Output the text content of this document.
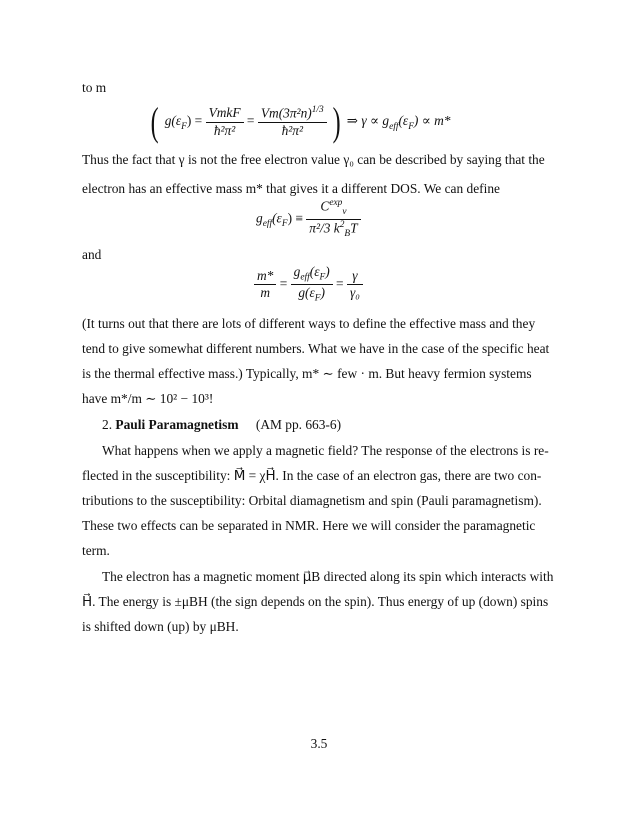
to m
( $g(\varepsilon_F) = \frac{\text{VmkF}}{\text{ħ²π²}} = \frac{Vm(3\pi^2n)^{1/3}}{\text{ħ²π²}}$ ) ⇒ $\gamma \propto g_{eff}(\varepsilon_F) \propto m*$
Thus the fact that γ is not the free electron value γ₀ can be described by saying that the
electron has an effective mass m* that gives it a different DOS. We can define
$g_{eff}(\varepsilon_F) \equiv \frac{C^{exp}_v}{\pi^2/3 k^2_BT}$
and
$\frac{m*}{m} = \frac{g_{eff}(\varepsilon_F)}{g(\varepsilon_F)} = \frac{\gamma}{\text{γ₀}}$
(It turns out that there are lots of different ways to define the effective mass and they
tend to give somewhat different numbers. What we have in the case of the specific heat
is the thermal effective mass.) Typically, m* ∼ few · m. But heavy fermion systems
have m*/m ∼ 10² − 10³!
2. Pauli Paramagnetism (AM pp. 663-6)
What happens when we apply a magnetic field? The response of the electrons is re-
flected in the susceptibility: M⃗ = χH⃗. In the case of an electron gas, there are two con-
tributions to the susceptibility: Orbital diamagnetism and spin (Pauli paramagnetism).
These two effects can be separated in NMR. Here we will consider the paramagnetic
term.
The electron has a magnetic moment μ⃗B directed along its spin which interacts with
H⃗. The energy is ±μBH (the sign depends on the spin). Thus energy of up (down) spins
is shifted down (up) by μBH.
3.5
